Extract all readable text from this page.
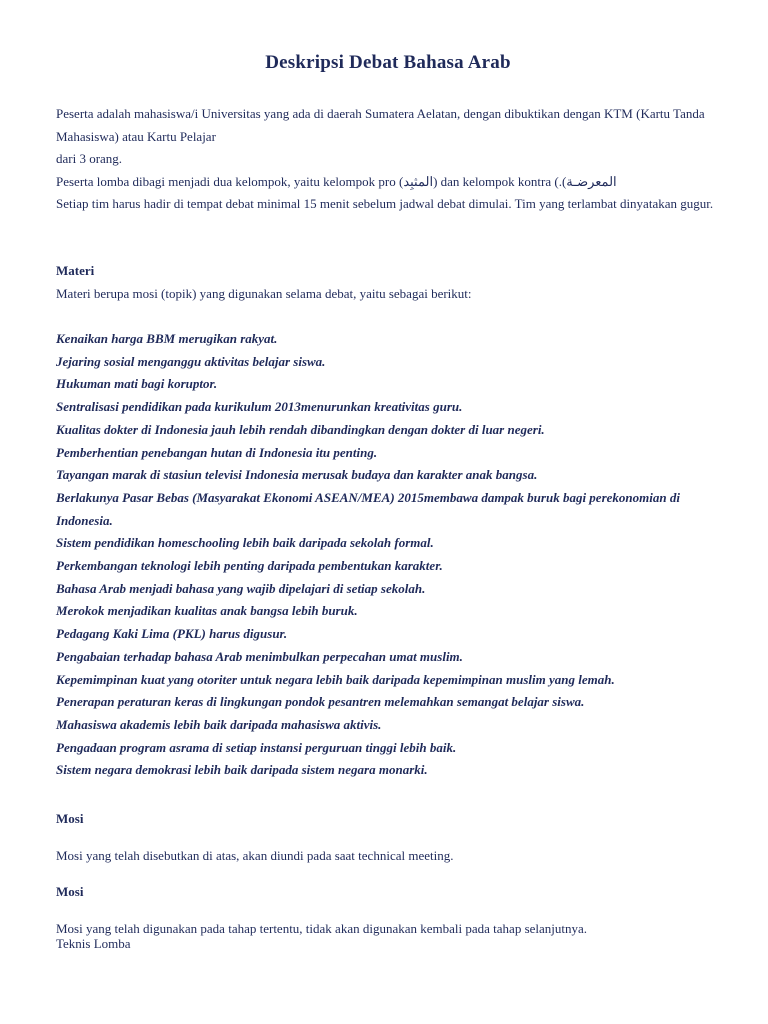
Deskripsi Debat Bahasa Arab

Peserta adalah mahasiswa/i Universitas yang ada di daerah Sumatera Aelatan, dengan dibuktikan dengan KTM (Kartu Tanda Mahasiswa) atau Kartu Pelajar

dari 3 orang.

Peserta lomba dibagi menjadi dua kelompok, yaitu kelompok pro (المثبِد) dan kelompok kontra (.(المعرضـة

Setiap tim harus hadir di tempat debat minimal 15 menit sebelum jadwal debat dimulai. Tim yang terlambat dinyatakan gugur.

Materi
Materi berupa mosi (topik) yang digunakan selama debat, yaitu sebagai berikut:
Kenaikan harga BBM merugikan rakyat.
Jejaring sosial menganggu aktivitas belajar siswa.
Hukuman mati bagi koruptor.
Sentralisasi pendidikan pada kurikulum 2013menurunkan kreativitas guru.
Kualitas dokter di Indonesia jauh lebih rendah dibandingkan dengan dokter di luar negeri.
Pemberhentian penebangan hutan di Indonesia itu penting.
Tayangan marak di stasiun televisi Indonesia merusak budaya dan karakter anak bangsa.
Berlakunya Pasar Bebas (Masyarakat Ekonomi ASEAN/MEA) 2015membawa dampak buruk bagi perekonomian di Indonesia.
Sistem pendidikan homeschooling lebih baik daripada sekolah formal.
Perkembangan teknologi lebih penting daripada pembentukan karakter.
Bahasa Arab menjadi bahasa yang wajib dipelajari di setiap sekolah.
Merokok menjadikan kualitas anak bangsa lebih buruk.
Pedagang Kaki Lima (PKL) harus digusur.
Pengabaian terhadap bahasa Arab menimbulkan perpecahan umat muslim.
Kepemimpinan kuat yang otoriter untuk negara lebih baik daripada kepemimpinan muslim yang lemah.
Penerapan peraturan keras di lingkungan pondok pesantren melemahkan semangat belajar siswa.
Mahasiswa akademis lebih baik daripada mahasiswa aktivis.
Pengadaan program asrama di setiap instansi perguruan tinggi lebih baik.
Sistem negara demokrasi lebih baik daripada sistem negara monarki.
Mosi
Mosi yang telah disebutkan di atas, akan diundi pada saat technical meeting.
Mosi
Mosi yang telah digunakan pada tahap tertentu, tidak akan digunakan kembali pada tahap selanjutnya.
Teknis Lomba
